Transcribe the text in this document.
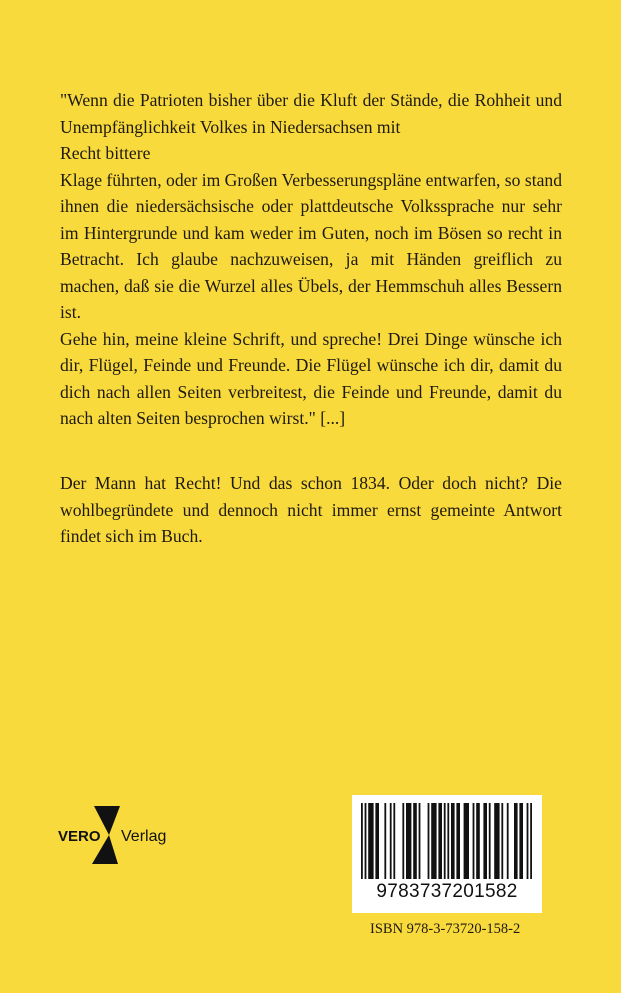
"Wenn die Patrioten bisher über die Kluft der Stände, die Rohheit und Unempfänglichkeit Volkes in Niedersachsen mit
Recht bittere

Klage führten, oder im Großen Verbesserungspläne entwarfen, so stand ihnen die niedersächsische oder plattdeutsche Volkssprache nur sehr im Hintergrunde und kam weder im Guten, noch im Bösen so recht in Betracht. Ich glaube nachzuweisen, ja mit Händen greiflich zu machen, daß sie die Wurzel alles Übels, der Hemmschuh alles Bessern ist.

Gehe hin, meine kleine Schrift, und spreche! Drei Dinge wünsche ich dir, Flügel, Feinde und Freunde. Die Flügel wünsche ich dir, damit du dich nach allen Seiten verbreitest, die Feinde und Freunde, damit du nach alten Seiten besprochen wirst." [...]

Der Mann hat Recht! Und das schon 1834. Oder doch nicht? Die wohlbegründete und dennoch nicht immer ernst gemeinte Antwort findet sich im Buch.

VERO Verlag
9783737201582
ISBN 978-3-73720-158-2
